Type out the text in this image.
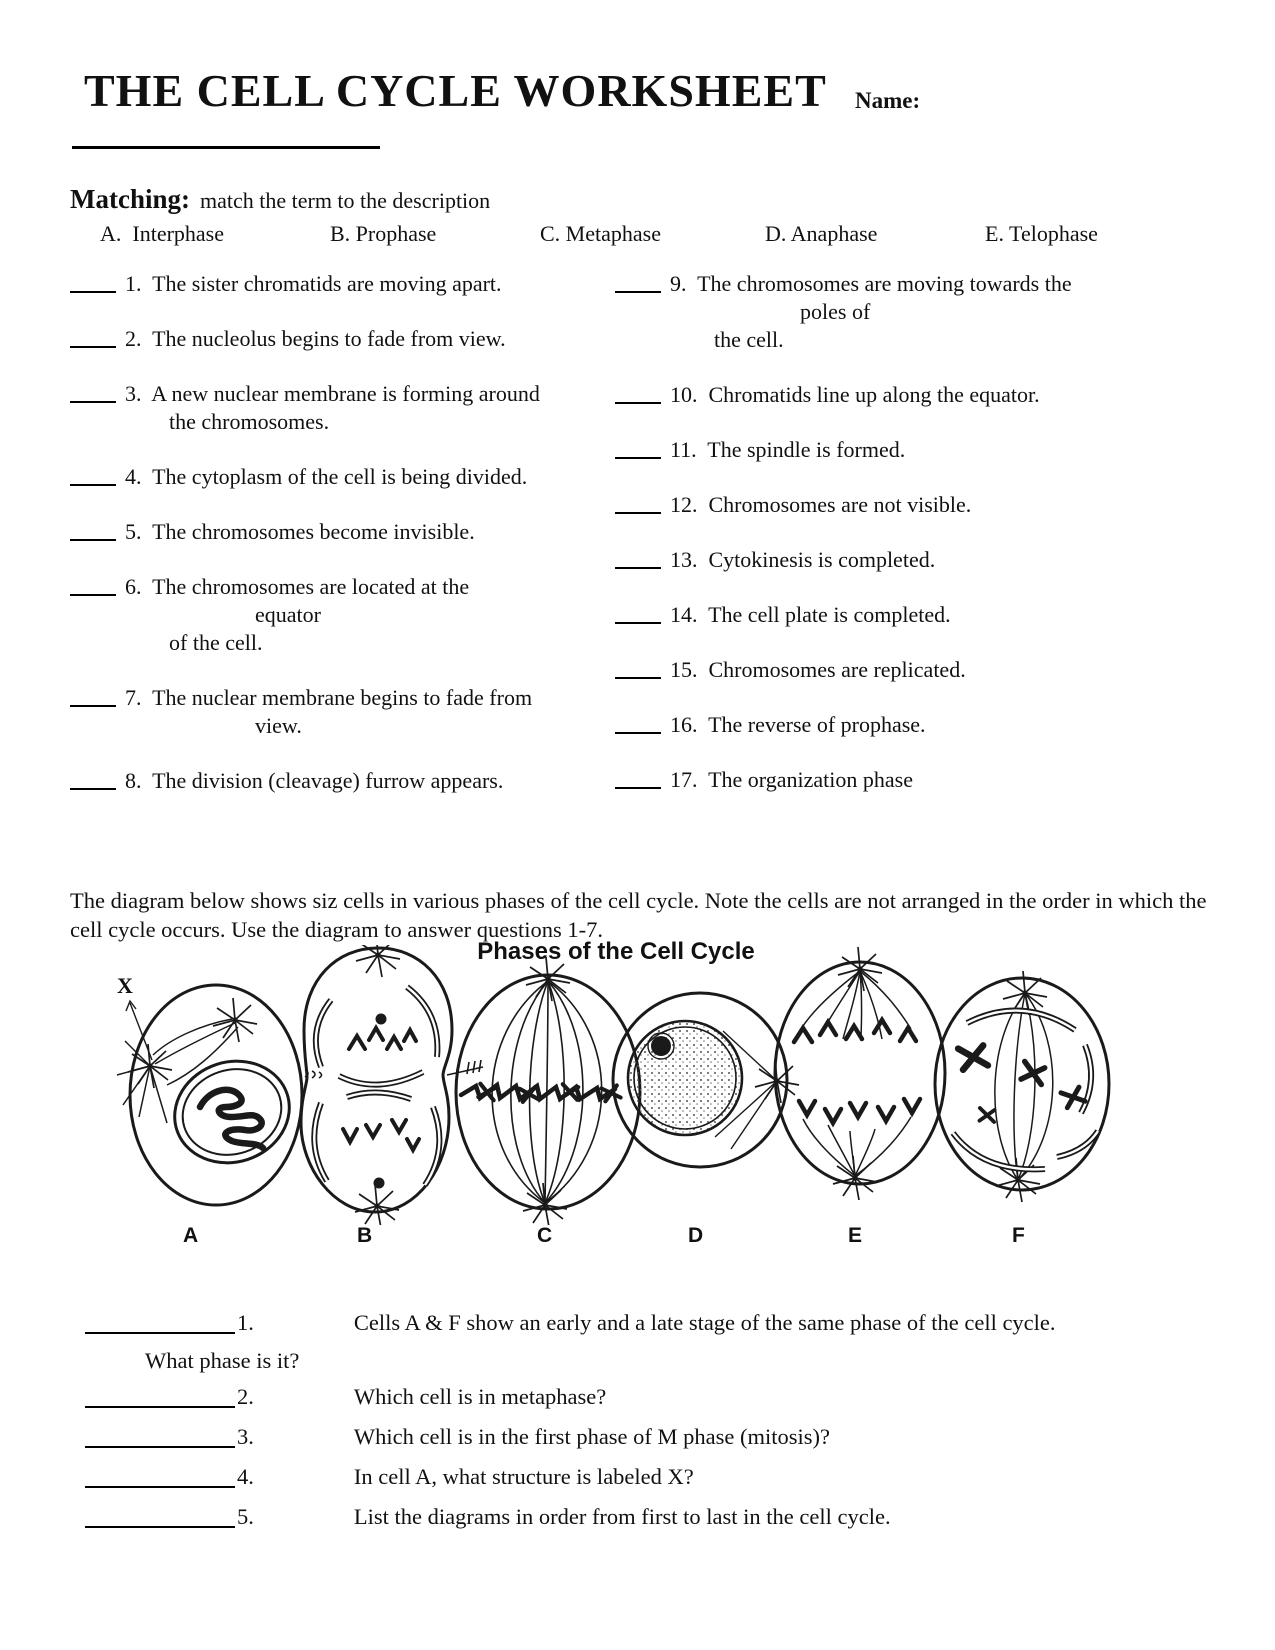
THE CELL CYCLE WORKSHEET Name:
Matching: match the term to the description
A.  Interphase	B. Prophase	C. Metaphase	D. Anaphase	E. Telophase
1.  The sister chromatids are moving apart.
2.  The nucleolus begins to fade from view.
3.  A new nuclear membrane is forming around
the chromosomes.
4.  The cytoplasm of the cell is being divided.
5.  The chromosomes become invisible.
6.  The chromosomes are located at the
equator
of the cell.
7.  The nuclear membrane begins to fade from
view.
8.  The division (cleavage) furrow appears.
9.  The chromosomes are moving towards the
poles of
the cell.
10.  Chromatids line up along the equator.
11.  The spindle is formed.
12.  Chromosomes are not visible.
13.  Cytokinesis is completed.
14.  The cell plate is completed.
15.  Chromosomes are replicated.
16.  The reverse of prophase.
17.  The organization phase
The diagram below shows siz cells in various phases of the cell cycle. Note the cells are not arranged in the order in which the cell cycle occurs. Use the diagram to answer questions 1-7.
Phases of the Cell Cycle
X
A	B	C	D	E	F
1.	Cells A & F show an early and a late stage of the same phase of the cell cycle.
What phase is it?
2.	Which cell is in metaphase?
3.	Which cell is in the first phase of M phase (mitosis)?
4.	In cell A, what structure is labeled X?
5.	List the diagrams in order from first to last in the cell cycle.
